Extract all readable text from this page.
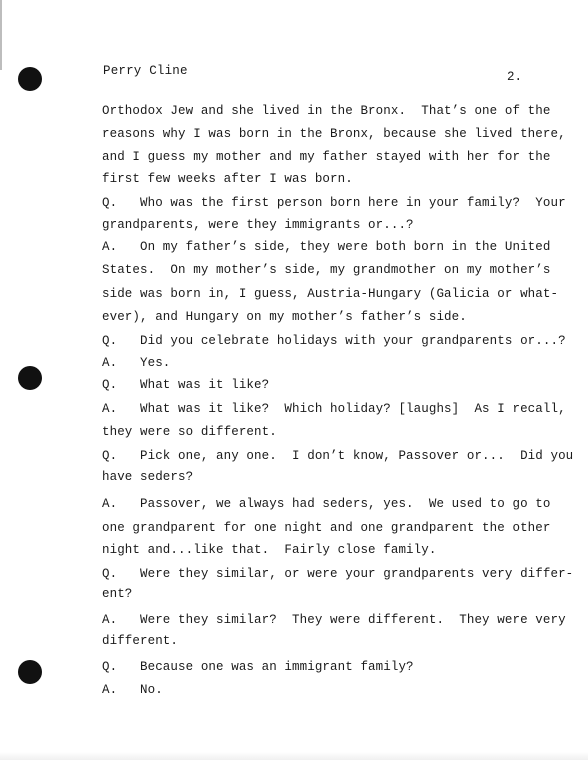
Perry Cline	2.
Orthodox Jew and she lived in the Bronx.  That’s one of the
reasons why I was born in the Bronx, because she lived there,
and I guess my mother and my father stayed with her for the
first few weeks after I was born.
Q.   Who was the first person born here in your family?  Your
grandparents, were they immigrants or...?
A.   On my father’s side, they were both born in the United
States.  On my mother’s side, my grandmother on my mother’s
side was born in, I guess, Austria-Hungary (Galicia or what-
ever), and Hungary on my mother’s father’s side.
Q.   Did you celebrate holidays with your grandparents or...?
A.   Yes.
Q.   What was it like?
A.   What was it like?  Which holiday? [laughs]  As I recall,
they were so different.
Q.   Pick one, any one.  I don’t know, Passover or...  Did you
have seders?
A.   Passover, we always had seders, yes.  We used to go to
one grandparent for one night and one grandparent the other
night and...like that.  Fairly close family.
Q.   Were they similar, or were your grandparents very differ-
ent?
A.   Were they similar?  They were different.  They were very
different.
Q.   Because one was an immigrant family?
A.   No.
